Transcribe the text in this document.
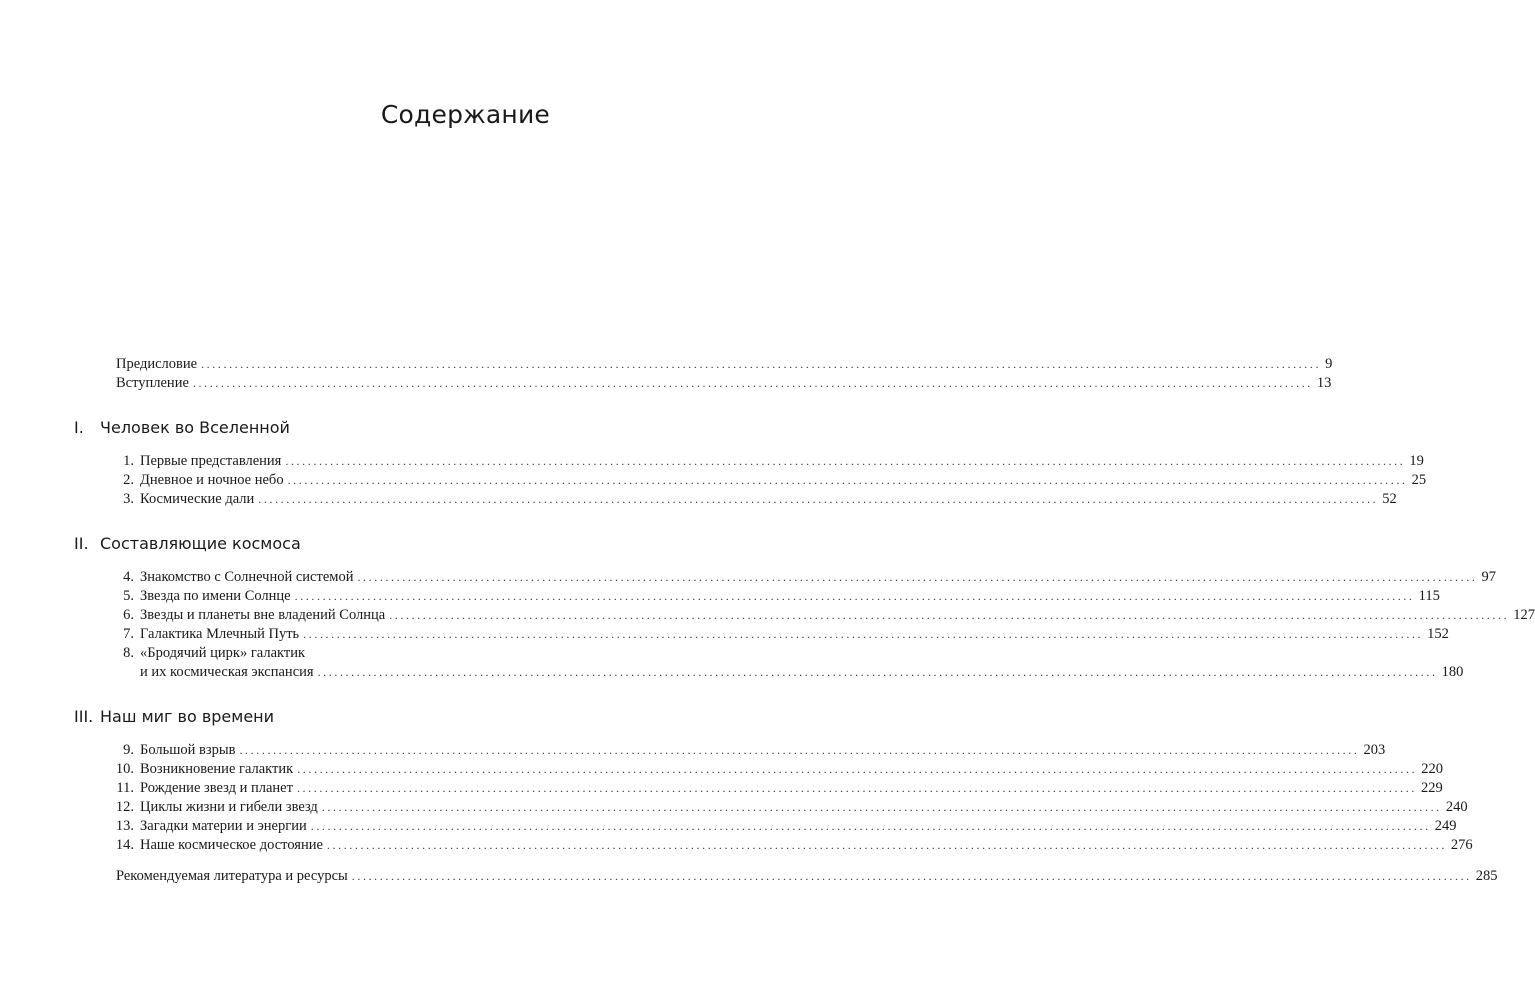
Содержание
Предисловие ........................................................................................................................................................................................................ 9
Вступление ........................................................................................................................................................................................................ 13
I. Человек во Вселенной
1. Первые представления ........................................................................................................................................................................................................ 19
2. Дневное и ночное небо ........................................................................................................................................................................................................ 25
3. Космические дали ........................................................................................................................................................................................................ 52
II. Составляющие космоса
4. Знакомство с Солнечной системой ........................................................................................................................................................................................................ 97
5. Звезда по имени Солнце ........................................................................................................................................................................................................ 115
6. Звезды и планеты вне владений Солнца ........................................................................................................................................................................................................ 127
7. Галактика Млечный Путь ........................................................................................................................................................................................................ 152
8. «Бродячий цирк» галактик
и их космическая экспансия ........................................................................................................................................................................................................ 180
III. Наш миг во времени
9. Большой взрыв ........................................................................................................................................................................................................ 203
10. Возникновение галактик ........................................................................................................................................................................................................ 220
11. Рождение звезд и планет ........................................................................................................................................................................................................ 229
12. Циклы жизни и гибели звезд ........................................................................................................................................................................................................ 240
13. Загадки материи и энергии ........................................................................................................................................................................................................ 249
14. Наше космическое достояние ........................................................................................................................................................................................................ 276
Рекомендуемая литература и ресурсы ........................................................................................................................................................................................................ 285
